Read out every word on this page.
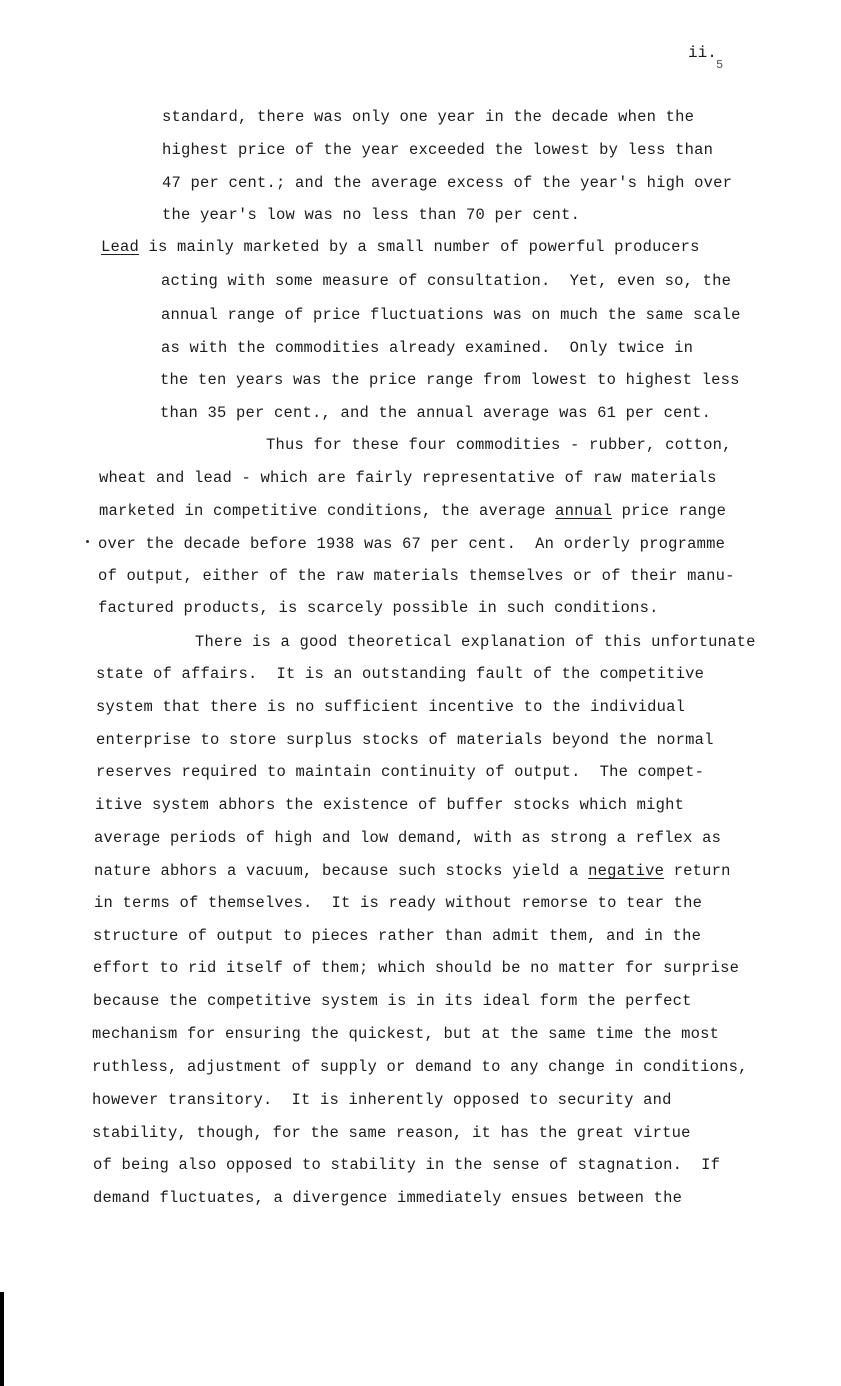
ii.
5
standard, there was only one year in the decade when the
highest price of the year exceeded the lowest by less than
47 per cent.; and the average excess of the year's high over
the year's low was no less than 70 per cent.
Lead is mainly marketed by a small number of powerful producers
acting with some measure of consultation.  Yet, even so, the
annual range of price fluctuations was on much the same scale
as with the commodities already examined.  Only twice in
the ten years was the price range from lowest to highest less
than 35 per cent., and the annual average was 61 per cent.
Thus for these four commodities - rubber, cotton,
wheat and lead - which are fairly representative of raw materials
marketed in competitive conditions, the average annual price range
over the decade before 1938 was 67 per cent.  An orderly programme
of output, either of the raw materials themselves or of their manu-
factured products, is scarcely possible in such conditions.
There is a good theoretical explanation of this unfortunate
state of affairs.  It is an outstanding fault of the competitive
system that there is no sufficient incentive to the individual
enterprise to store surplus stocks of materials beyond the normal
reserves required to maintain continuity of output.  The compet-
itive system abhors the existence of buffer stocks which might
average periods of high and low demand, with as strong a reflex as
nature abhors a vacuum, because such stocks yield a negative return
in terms of themselves.  It is ready without remorse to tear the
structure of output to pieces rather than admit them, and in the
effort to rid itself of them; which should be no matter for surprise
because the competitive system is in its ideal form the perfect
mechanism for ensuring the quickest, but at the same time the most
ruthless, adjustment of supply or demand to any change in conditions,
however transitory.  It is inherently opposed to security and
stability, though, for the same reason, it has the great virtue
of being also opposed to stability in the sense of stagnation.  If
demand fluctuates, a divergence immediately ensues between the
